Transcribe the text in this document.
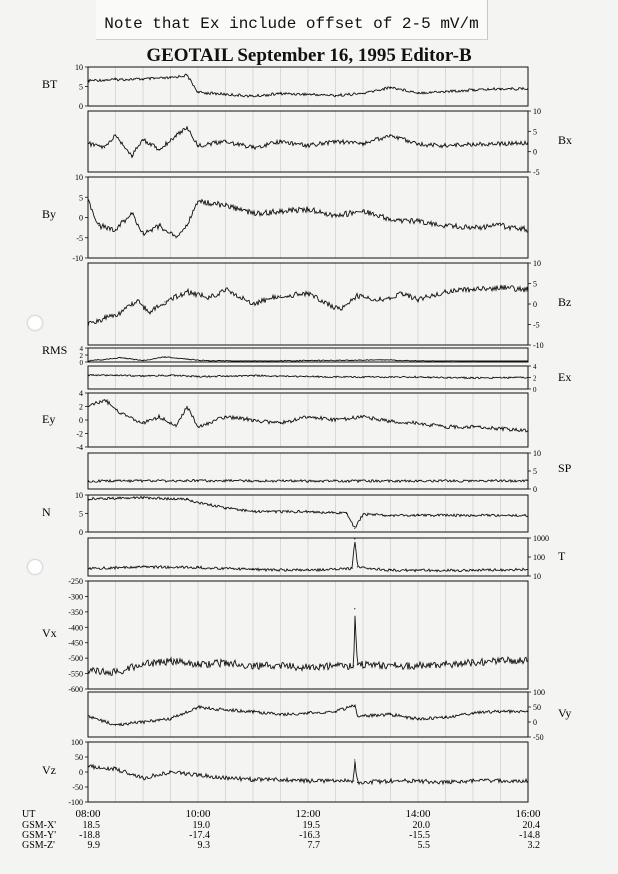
Note that Ex include offset of 2-5 mV/m
GEOTAIL September 16, 1995 Editor-B
10
5
0
BT
10
5
0
-5
Bx
10
5
0
-5
-10
By
10
5
0
-5
-10
Bz
4
2
0
RMS
4
2
0
Ex
4
2
0
-2
-4
Ey
10
5
0
SP
10
5
0
N
1000
100
10
T
-250
-300
-350
-400
-450
-500
-550
-600
Vx
100
50
0
-50
Vy
100
50
0
-50
-100
Vz
UT	08:00	10:00	12:00	14:00	16:00
GSM-X'	18.5	19.0	19.5	20.0	20.4
GSM-Y' -18.8	-17.4	-16.3	-15.5	-14.8
GSM-Z'	9.9	9.3	7.7	5.5	3.2
